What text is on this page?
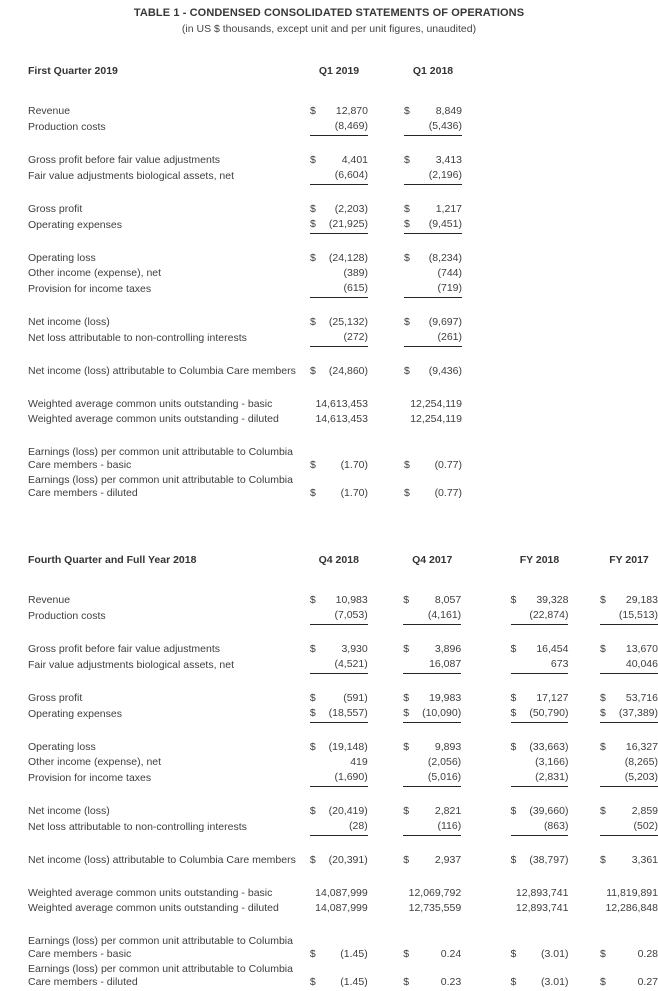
TABLE 1 - CONDENSED CONSOLIDATED STATEMENTS OF OPERATIONS
(in US $ thousands, except unit and per unit figures, unaudited)
First Quarter 2019		Q1 2019		Q1 2018

Revenue		$ 12,870		$ 8,849

Production costs		(8,469)		(5,436)

Gross profit before fair value adjustments		$ 4,401		$ 3,413

Fair value adjustments biological assets, net		(6,604)		(2,196)

Gross profit		$ (2,203)		$ 1,217

Operating expenses		$ (21,925)		$ (9,451)

Operating loss		$ (24,128)		$ (8,234)

Other income (expense), net		(389)		(744)

Provision for income taxes		(615)		(719)

Net income (loss)		$ (25,132)		$ (9,697)

Net loss attributable to non-controlling interests		(272)		(261)

Net income (loss) attributable to Columbia Care members		$ (24,860)		$ (9,436)

Weighted average common units outstanding - basic		14,613,453		12,254,119

Weighted average common units outstanding - diluted		14,613,453		12,254,119

Earnings (loss) per common unit attributable to Columbia
Care members - basic		$ (1.70)		$ (0.77)

Earnings (loss) per common unit attributable to Columbia
Care members - diluted		$ (1.70)		$ (0.77)
Fourth Quarter and Full Year 2018		Q4 2018		Q4 2017		FY 2018		FY 2017

Revenue		$ 10,983		$ 8,057		$ 39,328		$ 29,183

Production costs		(7,053)		(4,161)		(22,874)		(15,513)

Gross profit before fair value adjustments		$ 3,930		$ 3,896		$ 16,454		$ 13,670

Fair value adjustments biological assets, net		(4,521)		16,087		673		40,046

Gross profit		$ (591)		$ 19,983		$ 17,127		$ 53,716

Operating expenses		$ (18,557)		$ (10,090)		$ (50,790)		$ (37,389)

Operating loss		$ (19,148)		$ 9,893		$ (33,663)		$ 16,327

Other income (expense), net		419		(2,056)		(3,166)		(8,265)

Provision for income taxes		(1,690)		(5,016)		(2,831)		(5,203)

Net income (loss)		$ (20,419)		$ 2,821		$ (39,660)		$ 2,859

Net loss attributable to non-controlling interests		(28)		(116)		(863)		(502)

Net income (loss) attributable to Columbia Care members		$ (20,391)		$ 2,937		$ (38,797)		$ 3,361

Weighted average common units outstanding - basic		14,087,999		12,069,792		12,893,741		11,819,891

Weighted average common units outstanding - diluted		14,087,999		12,735,559		12,893,741		12,286,848

Earnings (loss) per common unit attributable to Columbia
Care members - basic		$ (1.45)		$	0.24		$ (3.01)		$	0.28

Earnings (loss) per common unit attributable to Columbia
Care members - diluted		$ (1.45)		$	0.23		$ (3.01)		$	0.27
